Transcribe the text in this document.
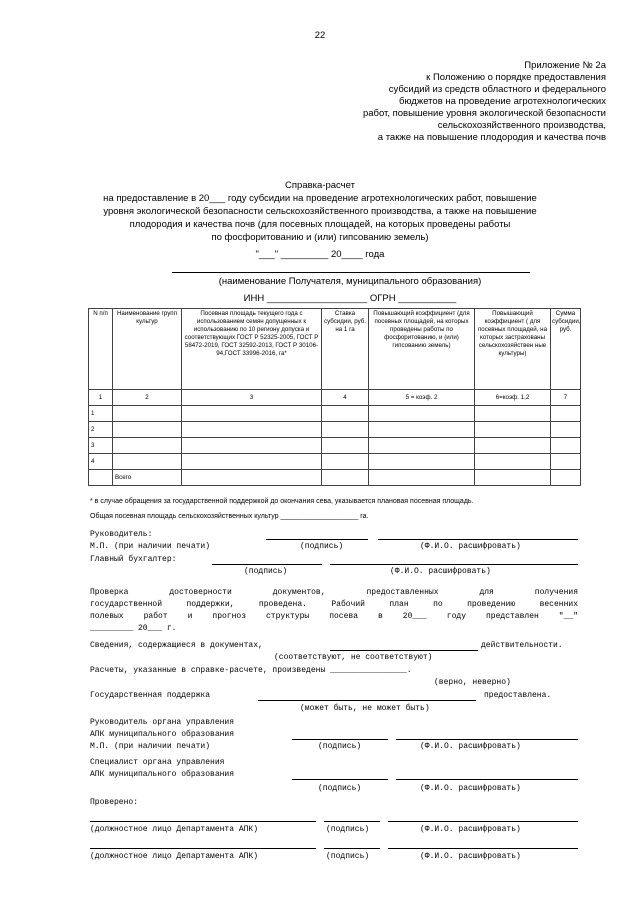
22
Приложение № 2а
к Положению о порядке предоставления
субсидий из средств областного и федерального
бюджетов на проведение агротехнологических
работ, повышение уровня экологической безопасности
сельскохозяйственного производства,
а также на повышение плодородия и качества почв
Справка-расчет
на предоставление в 20___ году субсидии на проведение агротехнологических работ, повышение
уровня экологической безопасности сельскохозяйственного производства, а также на повышение
плодородия и качества почв (для посевных площадей, на которых проведены работы
по фосфоритованию и (или) гипсованию земель)
"___" _________ 20____ года
(наименование Получателя, муниципального образования)
ИНН ___________________ ОГРН ___________
N п/п	Наименование групп культур	Посевная площадь текущего года с использованием семян допущенных к использованию по 10 региону допуска и соответствующих ГОСТ Р 52325-2005, ГОСТ Р 58472-2019, ГОСТ 32592-2013, ГОСТ Р 30106-94,ГОСТ 33996-2016, га*	Ставка субсидии, руб. на 1 га	Повышающий коэффициент (для посевных площадей, на которых проведены работы по фосфоритованию, и (или) гипсованию земель)	Повышающий коэффициент ( для посевных площадей, на которых застрахованы сельскохозяйствен ные культуры)	Сумма субсидии, руб.
1	2	3	4	5 = коэф. 2	6=коэф. 1,2	7
1						
2						
3						
4						
	Всего					
* в случае обращения за государственной поддержкой до окончания сева, указывается плановая посевная площадь.
Общая посевная площадь сельскохозяйственных культур ____________________ га.
Руководитель:
М.П. (при наличии печати)	(подпись)	(Ф.И.О. расшифровать)
Главный бухгалтер:
(подпись)	(Ф.И.О. расшифровать)
Проверка достоверности документов, предоставленных для получения
государственной поддержки, проведена. Рабочий план по проведению весенних
полевых работ и прогноз структуры посева в 20___ году представлен "__"
_________ 20___ г.
Сведения, содержащиеся в документах,	действительности.
(соответствуют, не соответствуют)
Расчеты, указанные в справке-расчете, произведены ________________.
(верно, неверно)
Государственная поддержка	предоставлена.
(может быть, не может быть)
Руководитель органа управления
АПК муниципального образования
М.П. (при наличии печати)	(подпись)	(Ф.И.О. расшифровать)
Специалист органа управления
АПК муниципального образования
(подпись)	(Ф.И.О. расшифровать)
Проверено:
(должностное лицо Департамента АПК)	(подпись)	(Ф.И.О. расшифровать)
(должностное лицо Департамента АПК)	(подпись)	(Ф.И.О. расшифровать)
